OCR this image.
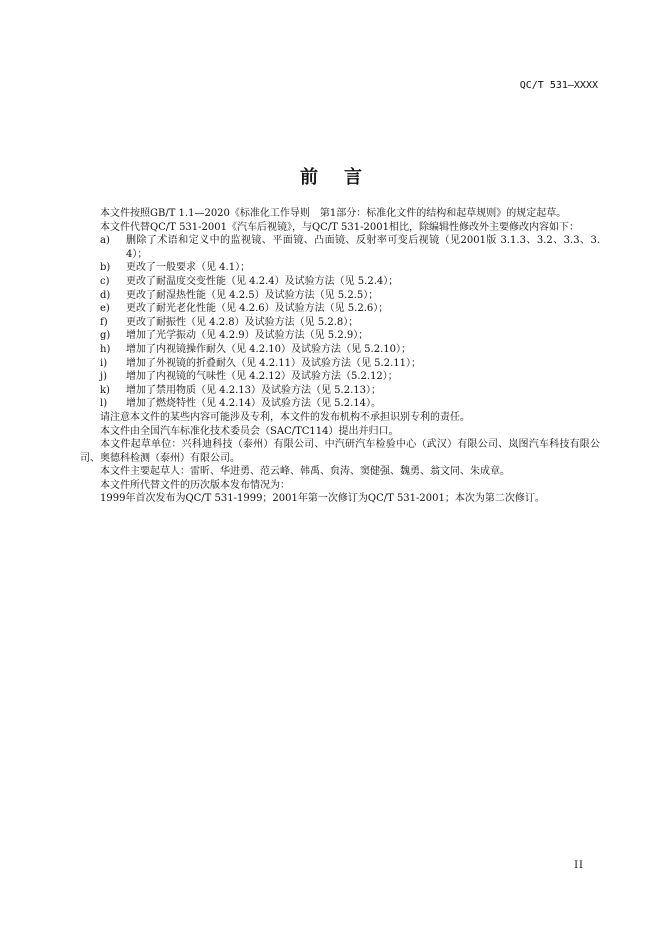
QC/T 531—XXXX
前言

本文件按照GB/T 1.1—2020《标准化工作导则　第1部分：标准化文件的结构和起草规则》的规定起草。

本文件代替QC/T 531-2001《汽车后视镜》，与QC/T 531-2001相比，除编辑性修改外主要修改内容如下：

a)	删除了术语和定义中的监视镜、平面镜、凸面镜、反射率可变后视镜（见2001版 3.1.3、3.2、3.3、3.4）；
b)	更改了一般要求（见 4.1）；
c)	更改了耐温度交变性能（见 4.2.4）及试验方法（见 5.2.4）；
d)	更改了耐湿热性能（见 4.2.5）及试验方法（见 5.2.5）；
e)	更改了耐光老化性能（见 4.2.6）及试验方法（见 5.2.6）；
f)	更改了耐振性（见 4.2.8）及试验方法（见 5.2.8）；
g)	增加了光学振动（见 4.2.9）及试验方法（见 5.2.9）；
h)	增加了内视镜操作耐久（见 4.2.10）及试验方法（见 5.2.10）；
i)	增加了外视镜的折叠耐久（见 4.2.11）及试验方法（见 5.2.11）；
j)	增加了内视镜的气味性（见 4.2.12）及试验方法（5.2.12）；
k)	增加了禁用物质（见 4.2.13）及试验方法（见 5.2.13）；
l)	增加了燃烧特性（见 4.2.14）及试验方法（见 5.2.14）。

请注意本文件的某些内容可能涉及专利，本文件的发布机构不承担识别专利的责任。

本文件由全国汽车标准化技术委员会（SAC/TC114）提出并归口。

本文件起草单位：兴科迪科技（泰州）有限公司、中汽研汽车检验中心（武汉）有限公司、岚图汽车科技有限公司、奥德科检测（泰州）有限公司。

本文件主要起草人：雷昕、华进勇、范云峰、韩禹、贠涛、窦健强、魏勇、翁文同、朱成章。

本文件所代替文件的历次版本发布情况为：

1999年首次发布为QC/T 531-1999；2001年第一次修订为QC/T 531-2001；本次为第二次修订。

II
